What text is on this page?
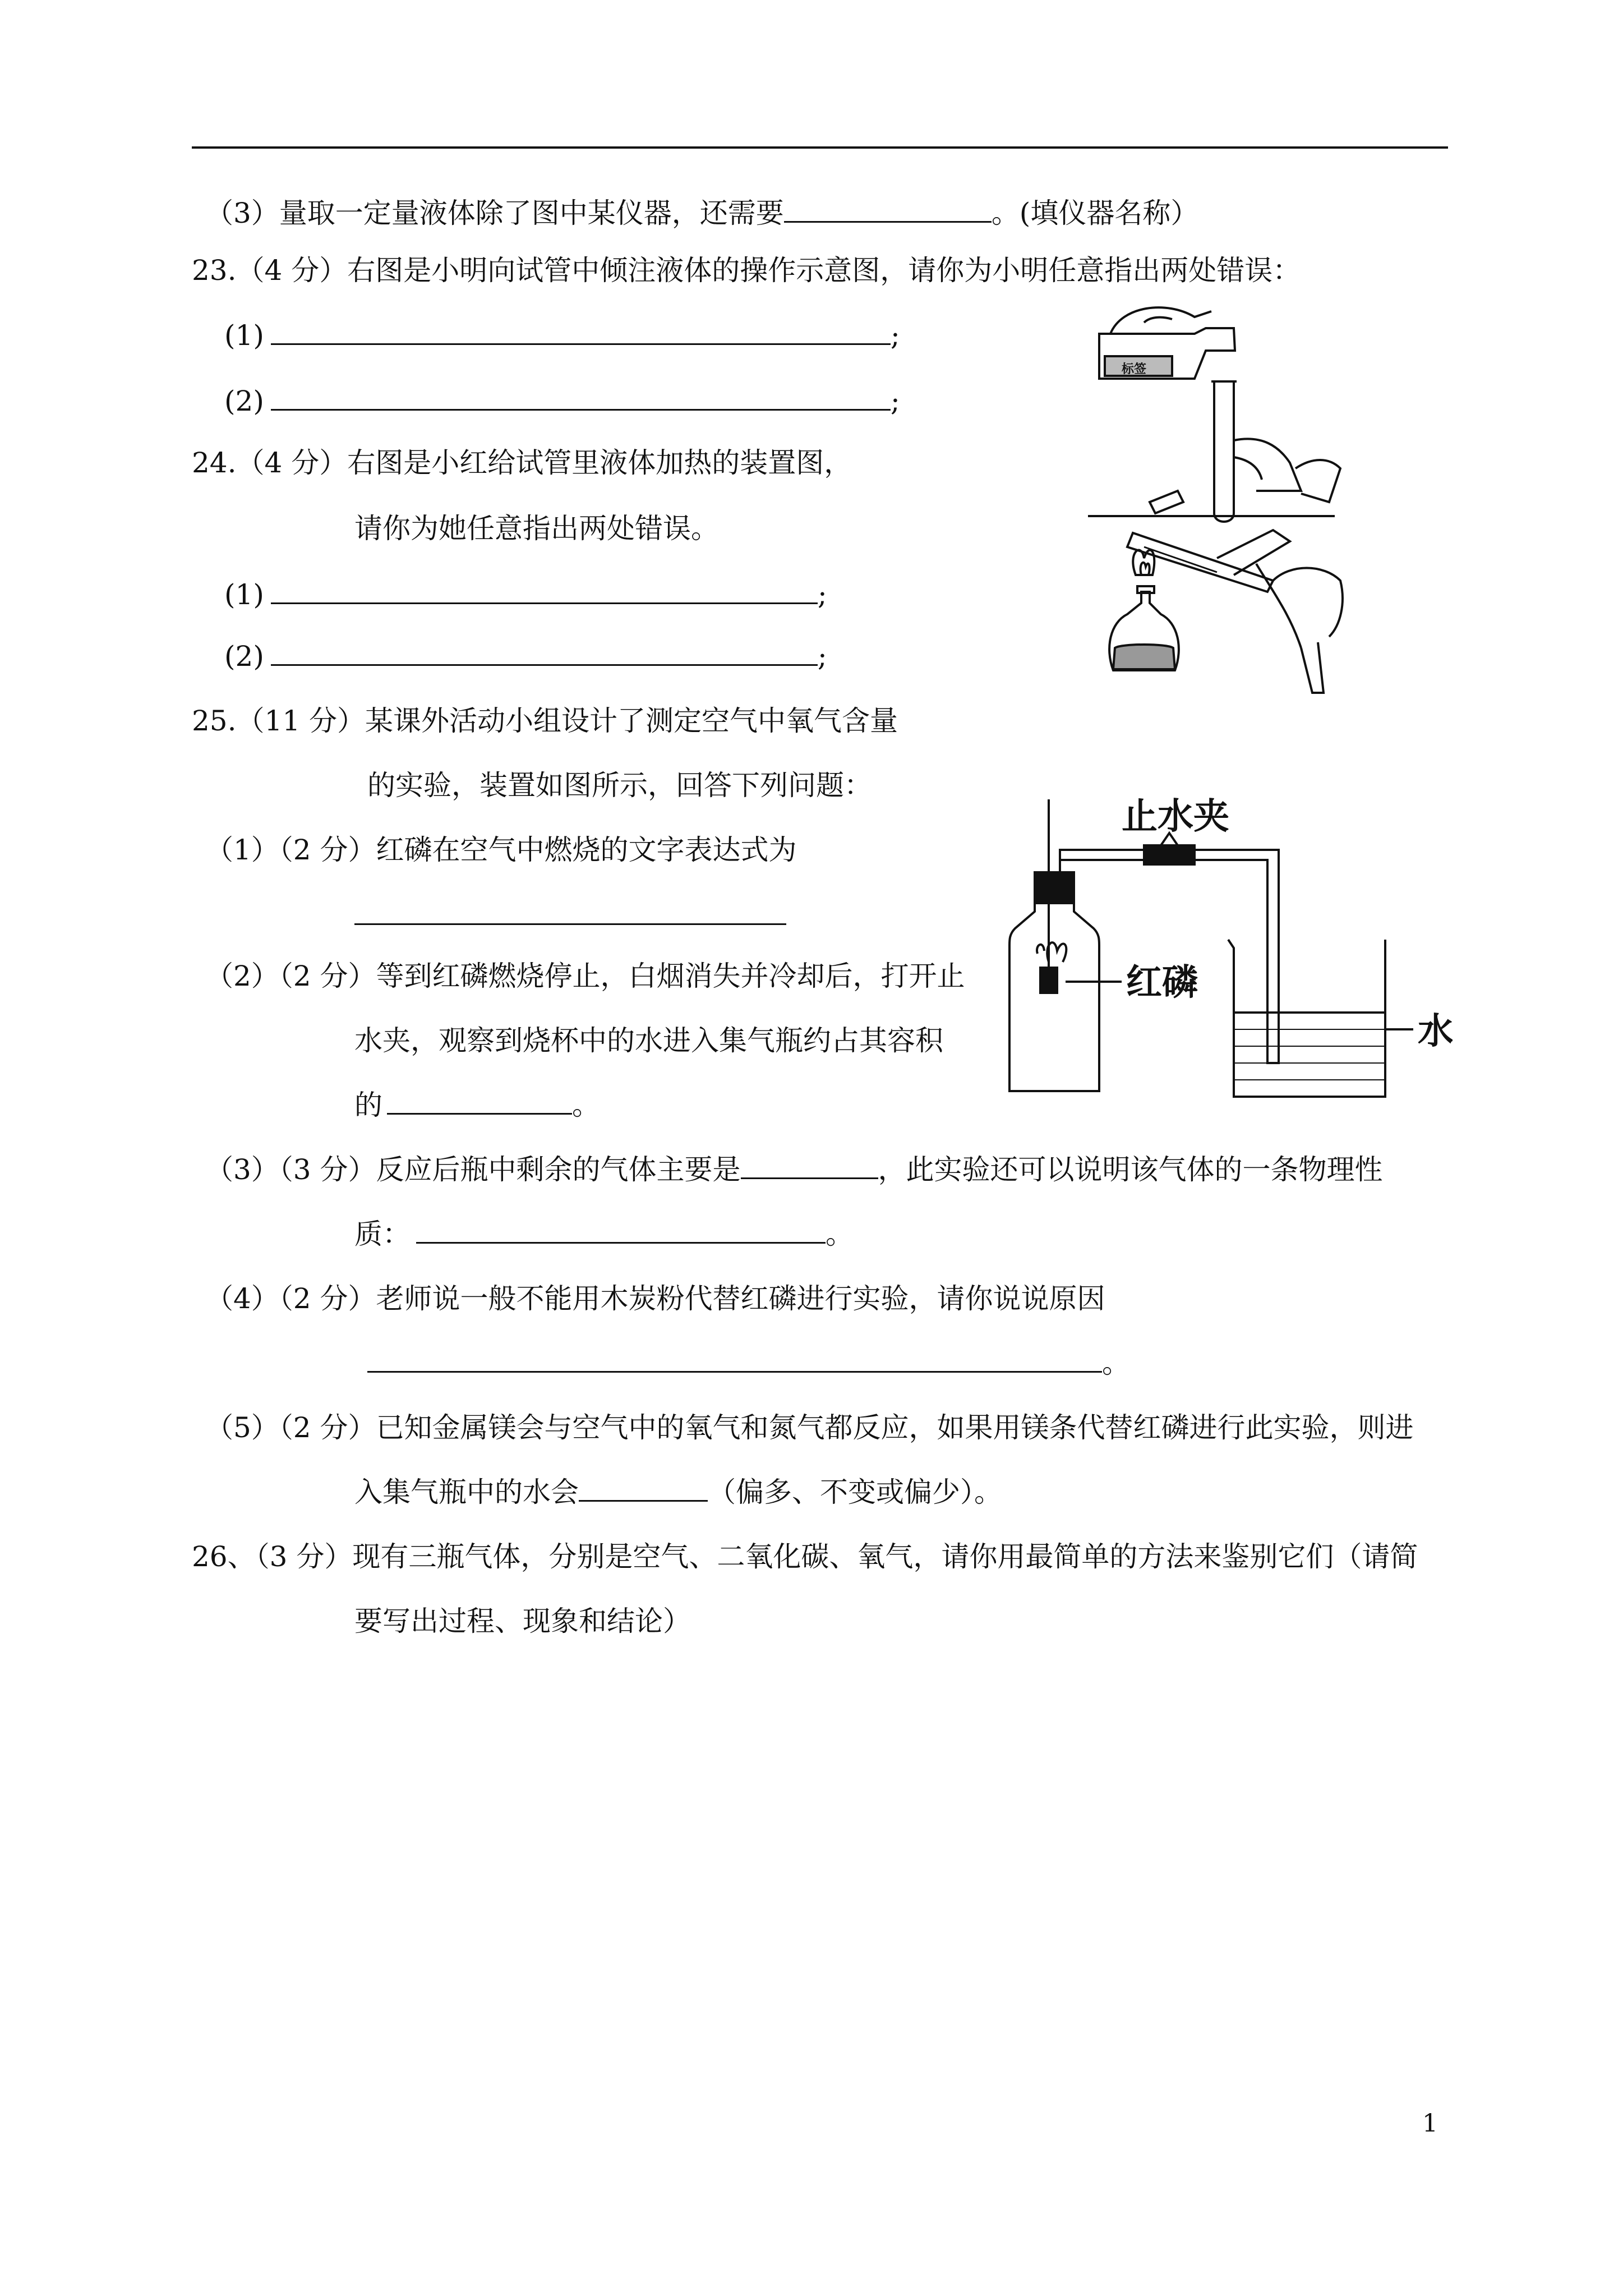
（3）量取一定量液体除了图中某仪器，还需要	。(填仪器名称）
23.（4 分）右图是小明向试管中倾注液体的操作示意图，请你为小明任意指出两处错误：
(1)	;
(2)	;
24.（4 分）右图是小红给试管里液体加热的装置图，
请你为她任意指出两处错误。
(1)	;
(2)	;
标签
25.（11 分）某课外活动小组设计了测定空气中氧气含量
的实验，装置如图所示，回答下列问题：
（1）（2 分）红磷在空气中燃烧的文字表达式为
（2）（2 分）等到红磷燃烧停止，白烟消失并冷却后，打开止
水夹，观察到烧杯中的水进入集气瓶约占其容积
的	。
止水夹
红磷
水
（3）（3 分）反应后瓶中剩余的气体主要是	，此实验还可以说明该气体的一条物理性
质：	。
（4）（2 分）老师说一般不能用木炭粉代替红磷进行实验，请你说说原因
。
（5）（2 分）已知金属镁会与空气中的氧气和氮气都反应，如果用镁条代替红磷进行此实验，则进
入集气瓶中的水会	（偏多、不变或偏少）。
26、（3 分）现有三瓶气体，分别是空气、二氧化碳、氧气，请你用最简单的方法来鉴别它们（请简
要写出过程、现象和结论）
1
